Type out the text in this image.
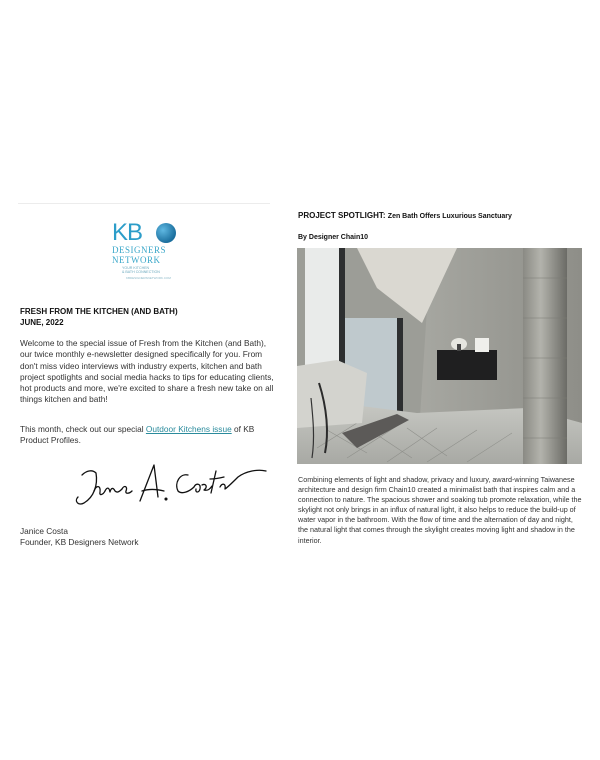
KB
DESIGNERS
NETWORK
YOUR KITCHEN
& BATH CONNECTION
KBDESIGNERSNETWORK.COM
FRESH FROM THE KITCHEN (AND BATH)
JUNE, 2022
Welcome to the special issue of Fresh from the Kitchen (and Bath), our twice monthly e-newsletter designed specifically for you. From don't miss video interviews with industry experts, kitchen and bath project spotlights and social media hacks to tips for educating clients, hot products and more, we're excited to share a fresh new take on all things kitchen and bath!
This month, check out our special Outdoor Kitchens issue of KB Product Profiles.
Janice Costa
Founder, KB Designers Network
PROJECT SPOTLIGHT: Zen Bath Offers Luxurious Sanctuary
By Designer Chain10
Combining elements of light and shadow, privacy and luxury, award-winning Taiwanese architecture and design firm Chain10 created a minimalist bath that inspires calm and a connection to nature. The spacious shower and soaking tub promote relaxation, while the skylight not only brings in an influx of natural light, it also helps to reduce the build-up of water vapor in the bathroom. With the flow of time and the alternation of day and night, the natural light that comes through the skylight creates moving light and shadow in the interior.
